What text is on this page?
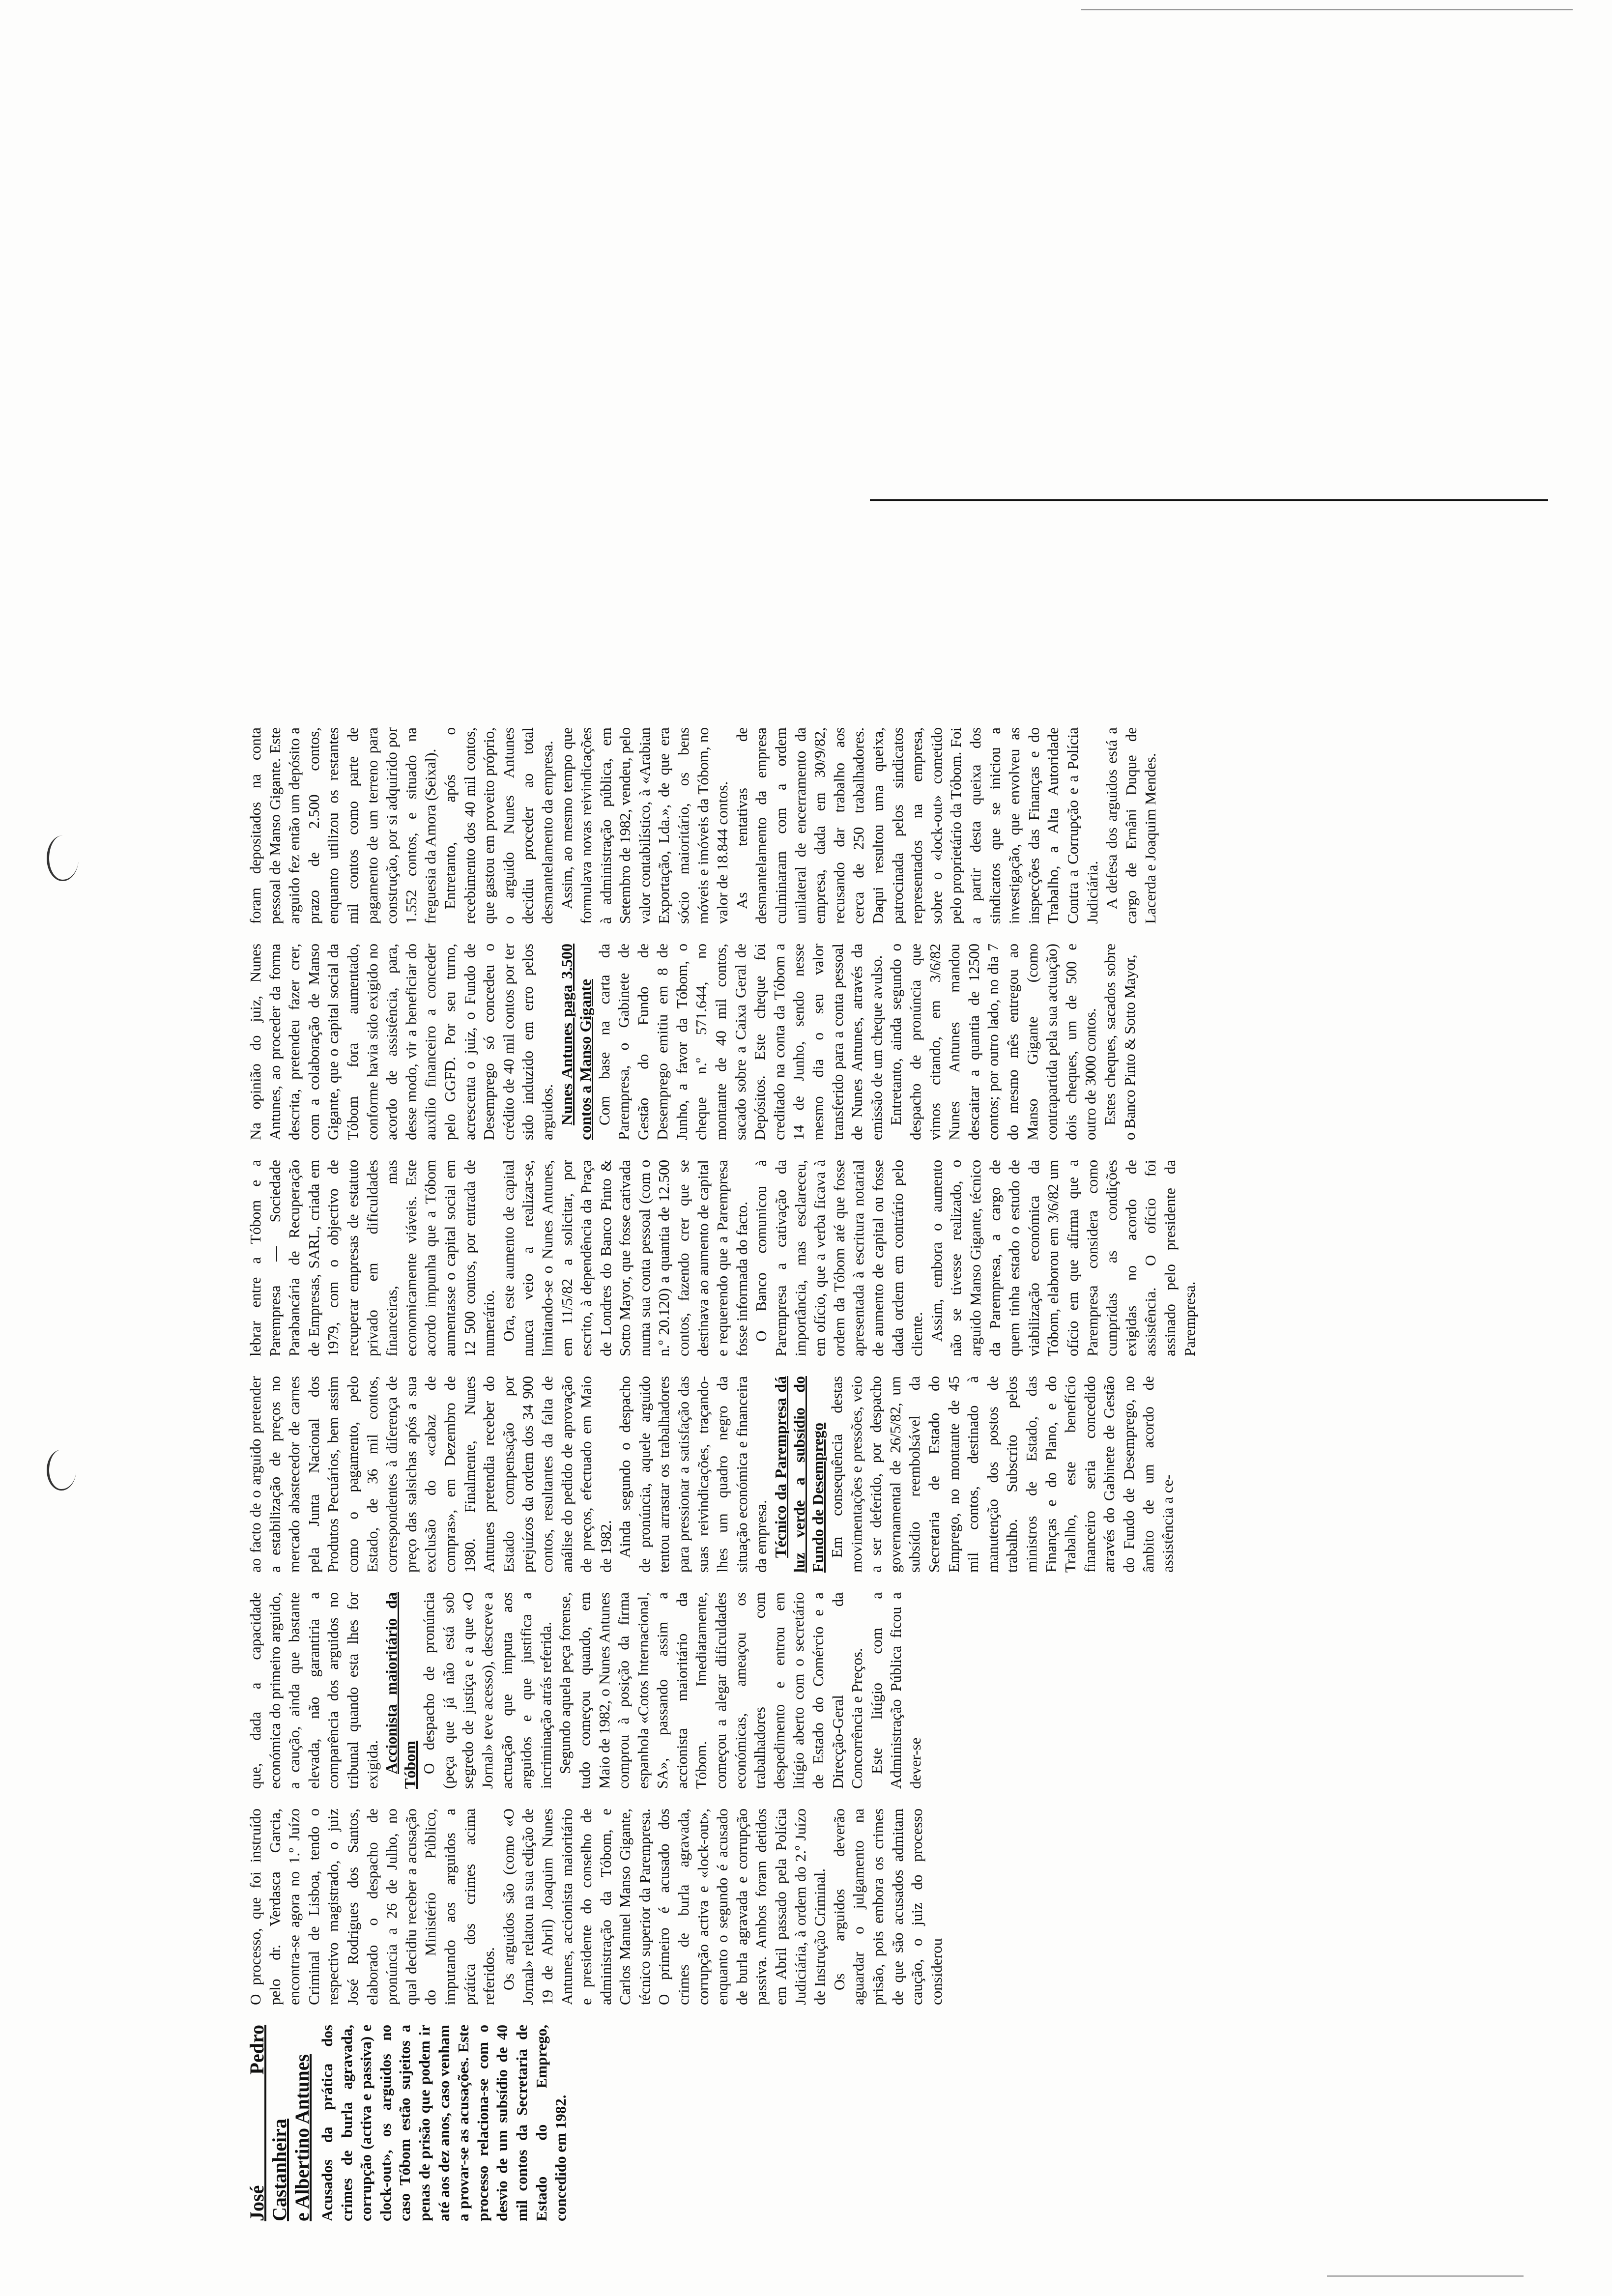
José Pedro Castanheira e Albertino Antunes Acusados da prática dos crimes de burla agravada, corrupção (activa e passiva) e clock-out», os arguidos no caso Tóbom estão sujeitos a penas de prisão que podem ir até aos dez anos, caso venham a provar-se as acusações. Este processo relaciona-se com o desvio de um subsídio de 40 mil contos da Secretaria de Estado do Emprego, concedido em 1982.

O processo, que foi instruído pelo dr. Verdasca Garcia, encontra-se agora no 1.º Juízo Criminal de Lisboa, tendo o respectivo magistrado, o juiz José Rodrigues dos Santos, elaborado o despacho de pronúncia a 26 de Julho, no qual decidiu receber a acusação do Ministério Público, imputando aos arguidos a prática dos crimes acima referidos. Os arguidos são (como «O Jornal» relatou na sua edição de 19 de Abril) Joaquim Nunes Antunes, accionista maioritário e presidente do conselho de administração da Tóbom, e Carlos Manuel Manso Gigante, técnico superior da Parempresa. O primeiro é acusado dos crimes de burla agravada, corrupção activa e «lock-out», enquanto o segundo é acusado de burla agravada e corrupção passiva. Ambos foram detidos em Abril passado pela Polícia Judiciária, à ordem do 2.º Juízo de Instrução Criminal. Os arguidos deverão aguardar o julgamento na prisão, pois embora os crimes de que são acusados admitam caução, o juiz do processo considerou

que, dada a capacidade económica do primeiro arguido, a caução, ainda que bastante elevada, não garantiria a comparência dos arguidos no tribunal quando esta lhes for exigida. Accionista maioritário da Tóbom O despacho de pronúncia (peça que já não está sob segredo de justiça e a que «O Jornal» teve acesso), descreve a actuação que imputa aos arguidos e que justifica a incriminação atrás referida. Segundo aquela peça forense, tudo começou quando, em Maio de 1982, o Nunes Antunes comprou à posição da firma espanhola «Cotos Internacional, SA», passando assim a accionista maioritário da Tóbom. Imediatamente, começou a alegar dificuldades económicas, ameaçou os trabalhadores com despedimento e entrou em litígio aberto com o secretário de Estado do Comércio e a Direcção-Geral da Concorrência e Preços. Este litígio com a Administração Pública ficou a dever-se

ao facto de o arguido pretender a estabilização de preços no mercado abastecedor de carnes pela Junta Nacional dos Produtos Pecuários, bem assim como o pagamento, pelo Estado, de 36 mil contos, correspondentes à diferença de preço das salsichas após a sua exclusão do «cabaz de compras», em Dezembro de 1980. Finalmente, Nunes Antunes pretendia receber do Estado compensação por prejuízos da ordem dos 34 900 contos, resultantes da falta de análise do pedido de aprovação de preços, efectuado em Maio de 1982. Ainda segundo o despacho de pronúncia, aquele arguido tentou arrastar os trabalhadores para pressionar a satisfação das suas reivindicações, traçando-lhes um quadro negro da situação económica e financeira da empresa. Técnico da Parempresa dá luz verde a subsídio do Fundo de Desemprego Em consequência destas movimentações e pressões, veio a ser deferido, por despacho governamental de 26/5/82, um subsídio reembolsável da Secretaria de Estado do Emprego, no montante de 45 mil contos, destinado à manutenção dos postos de trabalho. Subscrito pelos ministros de Estado, das Finanças e do Plano, e do Trabalho, este benefício financeiro seria concedido através do Gabinete de Gestão do Fundo de Desemprego, no âmbito de um acordo de assistência a ce-

lebrar entre a Tóbom e a Parempresa — Sociedade Parabancária de Recuperação de Empresas, SARL, criada em 1979, com o objectivo de recuperar empresas de estatuto privado em dificuldades financeiras, mas economicamente viáveis. Este acordo impunha que a Tóbom aumentasse o capital social em 12 500 contos, por entrada de numerário. Ora, este aumento de capital nunca veio a realizar-se, limitando-se o Nunes Antunes, em 11/5/82 a solicitar, por escrito, à dependência da Praça de Londres do Banco Pinto & Sotto Mayor, que fosse cativada numa sua conta pessoal (com o n.º 20.120) a quantia de 12.500 contos, fazendo crer que se destinava ao aumento de capital e requerendo que a Parempresa fosse informada do facto. O Banco comunicou à Parempresa a cativação da importância, mas esclareceu, em ofício, que a verba ficava à ordem da Tóbom até que fosse apresentada à escritura notarial de aumento de capital ou fosse dada ordem em contrário pelo cliente. Assim, embora o aumento não se tivesse realizado, o arguido Manso Gigante, técnico da Parempresa, a cargo de quem tinha estado o estudo de viabilização económica da Tóbom, elaborou em 3/6/82 um ofício em que afirma que a Parempresa considera como cumpridas as condições exigidas no acordo de assistência. O ofício foi assinado pelo presidente da Parempresa.

Na opinião do juiz, Nunes Antunes, ao proceder da forma descrita, pretendeu fazer crer, com a colaboração de Manso Gigante, que o capital social da Tóbom fora aumentado, conforme havia sido exigido no acordo de assistência, para, desse modo, vir a beneficiar do auxílio financeiro a conceder pelo GGFD. Por seu turno, acrescenta o juiz, o Fundo de Desemprego só concedeu o crédito de 40 mil contos por ter sido induzido em erro pelos arguidos. Nunes Antunes paga 3.500 contos a Manso Gigante Com base na carta da Parempresa, o Gabinete de Gestão do Fundo de Desemprego emitiu em 8 de Junho, a favor da Tóbom, o cheque n.º 571.644, no montante de 40 mil contos, sacado sobre a Caixa Geral de Depósitos. Este cheque foi creditado na conta da Tóbom a 14 de Junho, sendo nesse mesmo dia o seu valor transferido para a conta pessoal de Nunes Antunes, através da emissão de um cheque avulso. Entretanto, ainda segundo o despacho de pronúncia que vimos citando, em 3/6/82 Nunes Antunes mandou descaitar a quantia de 12500 contos; por outro lado, no dia 7 do mesmo mês entregou ao Manso Gigante (como contrapartida pela sua actuação) dois cheques, um de 500 e outro de 3000 contos. Estes cheques, sacados sobre o Banco Pinto & Sotto Mayor,

foram depositados na conta pessoal de Manso Gigante. Este arguido fez então um depósito a prazo de 2.500 contos, enquanto utilizou os restantes mil contos como parte de pagamento de um terreno para construção, por si adquirido por 1.552 contos, e situado na freguesia da Amora (Seixal). Entretanto, após o recebimento dos 40 mil contos, que gastou em proveito próprio, o arguido Nunes Antunes decidiu proceder ao total desmantelamento da empresa. Assim, ao mesmo tempo que formulava novas reivindicações à administração pública, em Setembro de 1982, vendeu, pelo valor contabilístico, à «Arabian Exportação, Lda.», de que era sócio maioritário, os bens móveis e imóveis da Tóbom, no valor de 18.844 contos. As tentativas de desmantelamento da empresa culminaram com a ordem unilateral de encerramento da empresa, dada em 30/9/82, recusando dar trabalho aos cerca de 250 trabalhadores. Daqui resultou uma queixa, patrocinada pelos sindicatos representados na empresa, sobre o «lock-out» cometido pelo proprietário da Tóbom. Foi a partir desta queixa dos sindicatos que se iniciou a investigação, que envolveu as inspecções das Finanças e do Trabalho, a Alta Autoridade Contra a Corrupção e a Polícia Judiciária. A defesa dos arguidos está a cargo de Ernâni Duque de Lacerda e Joaquim Mendes.
